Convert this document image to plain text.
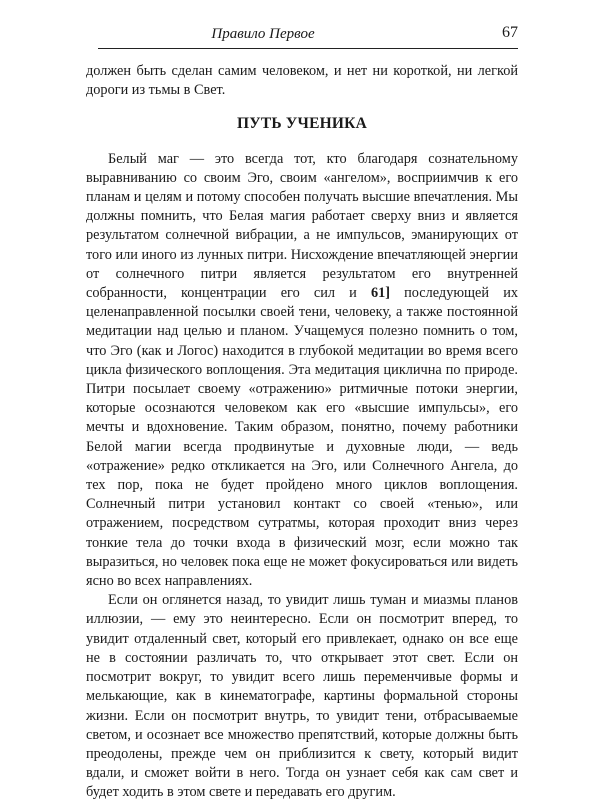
Правило Первое	67

должен быть сделан самим человеком, и нет ни короткой, ни легкой дороги из тьмы в Свет.

ПУТЬ УЧЕНИКА

Белый маг — это всегда тот, кто благодаря сознательному выравниванию со своим Эго, своим «ангелом», восприимчив к его планам и целям и потому способен получать высшие впечатления. Мы должны помнить, что Белая магия работает сверху вниз и является результатом солнечной вибрации, а не импульсов, эманирующих от того или иного из лунных питри. Нисхождение впечатляющей энергии от солнечного питри является результатом его внутренней собранности, концентрации его сил и 61] последующей их целенаправленной посылки своей тени, человеку, а также постоянной медитации над целью и планом. Учащемуся полезно помнить о том, что Эго (как и Логос) находится в глубокой медитации во время всего цикла физического воплощения. Эта медитация циклична по природе. Питри посылает своему «отражению» ритмичные потоки энергии, которые осознаются человеком как его «высшие импульсы», его мечты и вдохновение. Таким образом, понятно, почему работники Белой магии всегда продвинутые и духовные люди, — ведь «отражение» редко откликается на Эго, или Солнечного Ангела, до тех пор, пока не будет пройдено много циклов воплощения. Солнечный питри установил контакт со своей «тенью», или отражением, посредством сутратмы, которая проходит вниз через тонкие тела до точки входа в физический мозг, если можно так выразиться, но человек пока еще не может фокусироваться или видеть ясно во всех направлениях.

Если он оглянется назад, то увидит лишь туман и миазмы планов иллюзии, — ему это неинтересно. Если он посмотрит вперед, то увидит отдаленный свет, который его привлекает, однако он все еще не в состоянии различать то, что открывает этот свет. Если он посмотрит вокруг, то увидит всего лишь переменчивые формы и мелькающие, как в кинематографе, картины формальной стороны жизни. Если он посмотрит внутрь, то увидит тени, отбрасываемые светом, и осознает все множество препятствий, которые должны быть преодолены, прежде чем он приблизится к свету, который видит вдали, и сможет войти в него. Тогда он узнает себя как сам свет и будет ходить в этом свете и передавать его другим.
